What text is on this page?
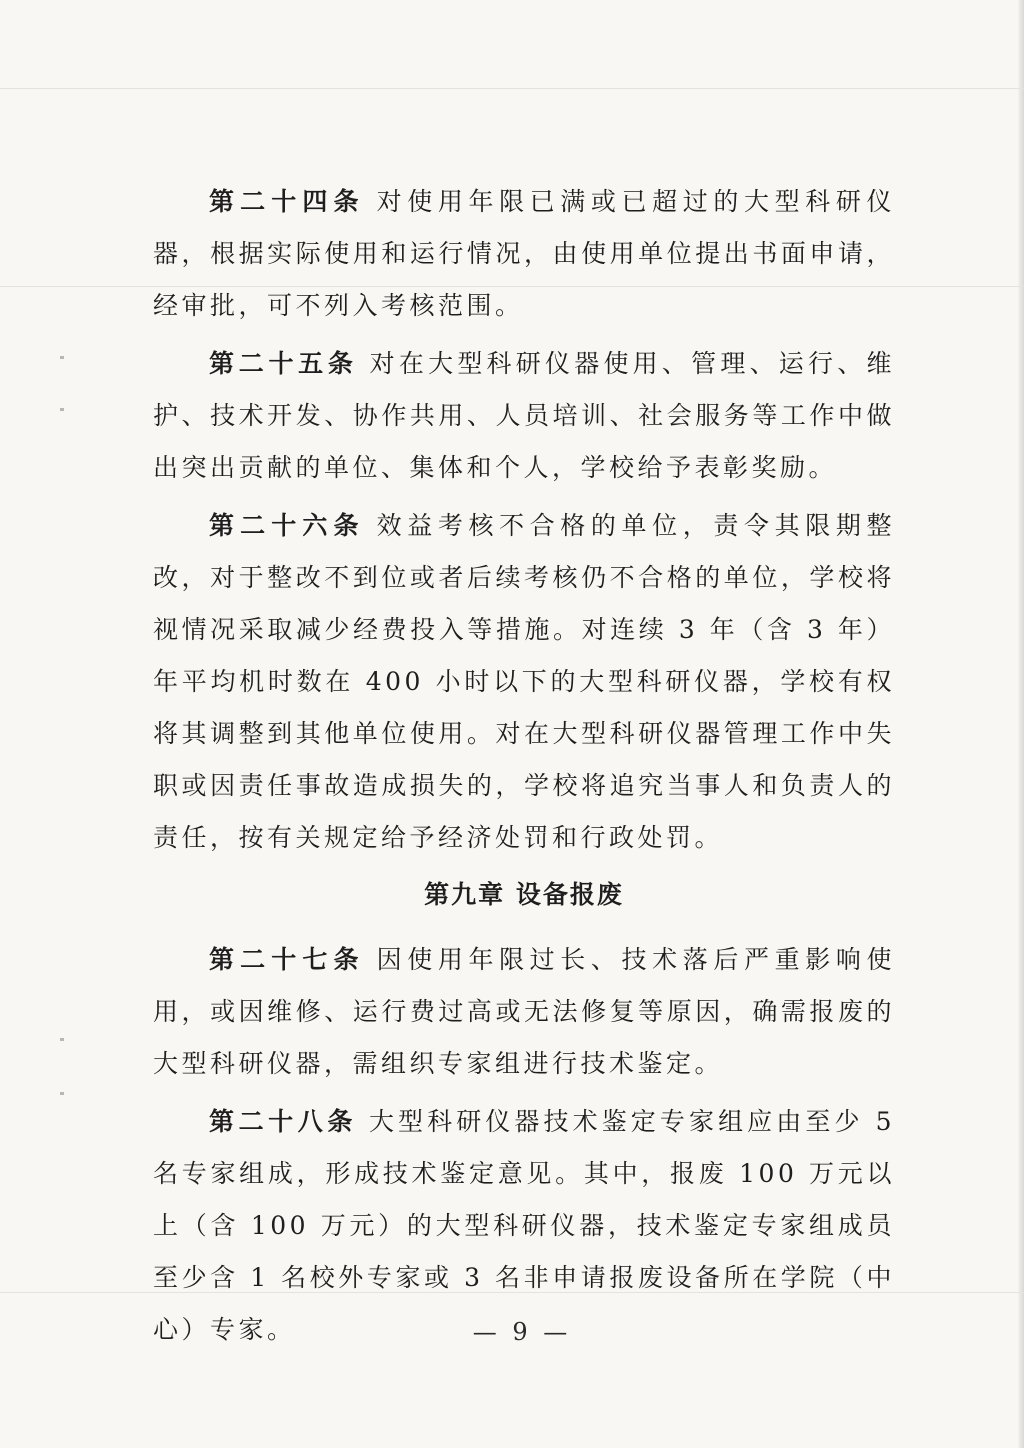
第二十四条 对使用年限已满或已超过的大型科研仪器，根据实际使用和运行情况，由使用单位提出书面申请，经审批，可不列入考核范围。

第二十五条 对在大型科研仪器使用、管理、运行、维护、技术开发、协作共用、人员培训、社会服务等工作中做出突出贡献的单位、集体和个人，学校给予表彰奖励。

第二十六条 效益考核不合格的单位，责令其限期整改，对于整改不到位或者后续考核仍不合格的单位，学校将视情况采取减少经费投入等措施。对连续 3 年（含 3 年）年平均机时数在 400 小时以下的大型科研仪器，学校有权将其调整到其他单位使用。对在大型科研仪器管理工作中失职或因责任事故造成损失的，学校将追究当事人和负责人的责任，按有关规定给予经济处罚和行政处罚。

第九章 设备报废

第二十七条 因使用年限过长、技术落后严重影响使用，或因维修、运行费过高或无法修复等原因，确需报废的大型科研仪器，需组织专家组进行技术鉴定。

第二十八条 大型科研仪器技术鉴定专家组应由至少 5 名专家组成，形成技术鉴定意见。其中，报废 100 万元以上（含 100 万元）的大型科研仪器，技术鉴定专家组成员至少含 1 名校外专家或 3 名非申请报废设备所在学院（中心）专家。	— 9 —
